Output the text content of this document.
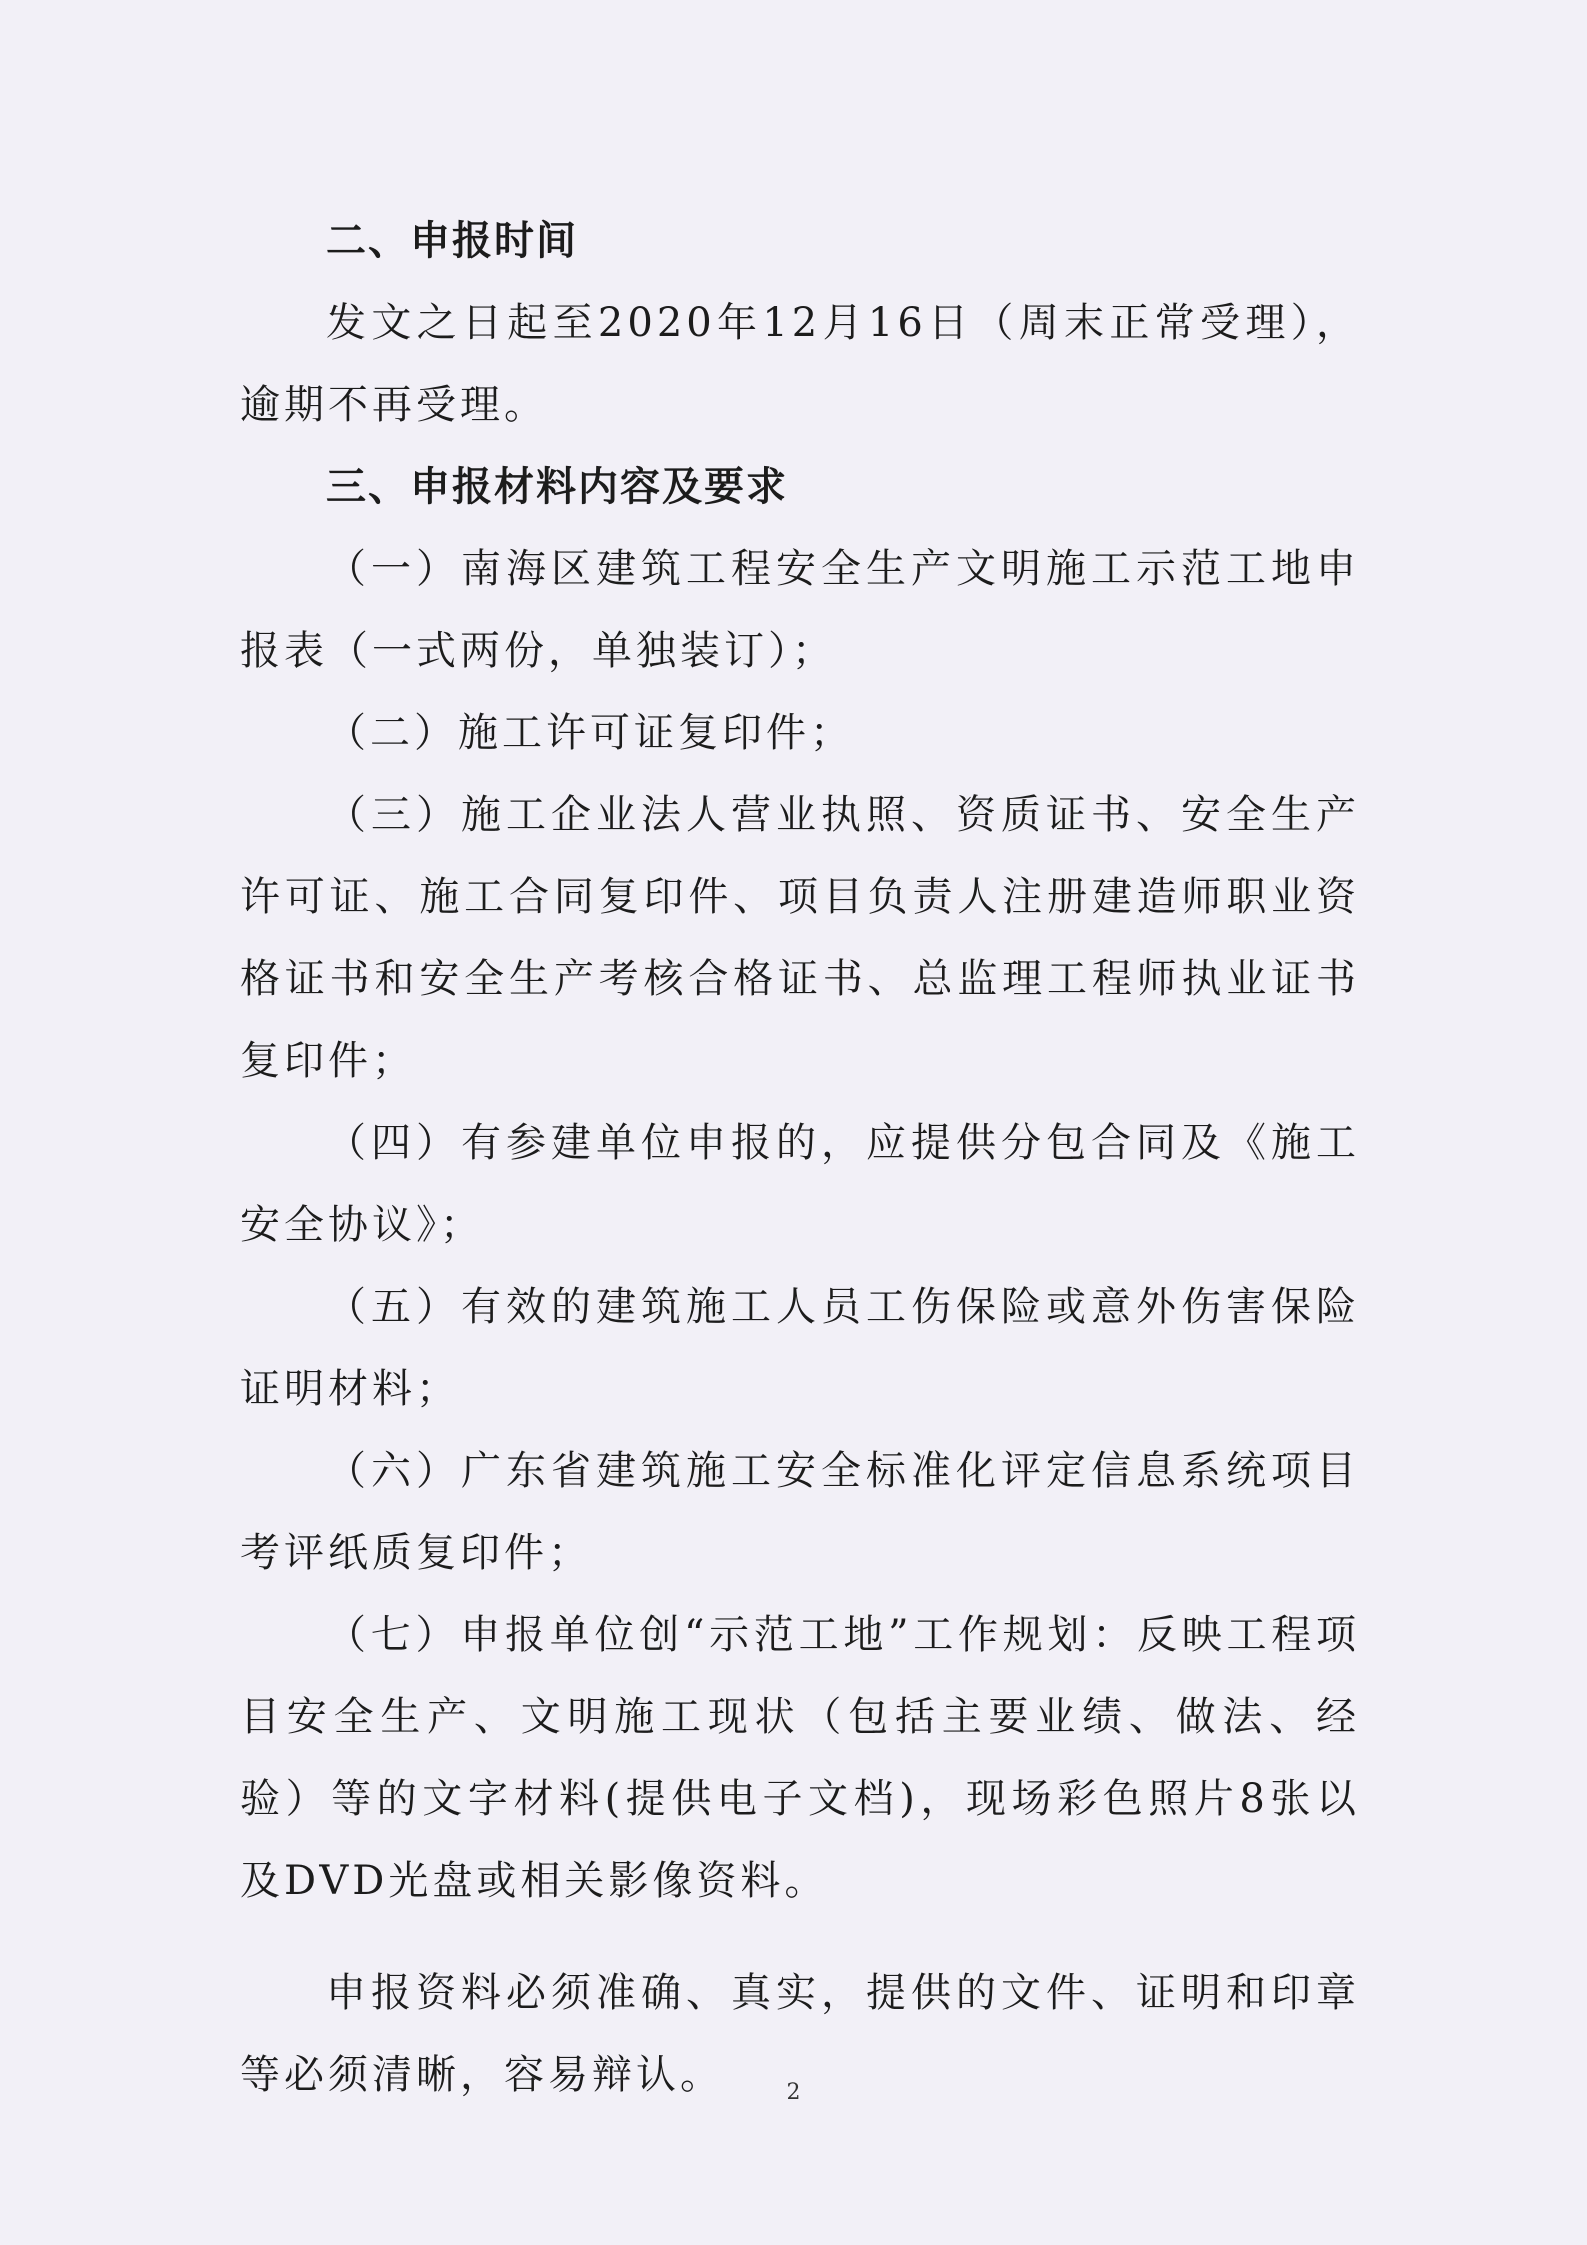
二、申报时间

发文之日起至2020年12月16日（周末正常受理），逾期不再受理。

三、申报材料内容及要求

（一）南海区建筑工程安全生产文明施工示范工地申报表（一式两份，单独装订）；

（二）施工许可证复印件；

（三）施工企业法人营业执照、资质证书、安全生产许可证、施工合同复印件、项目负责人注册建造师职业资格证书和安全生产考核合格证书、总监理工程师执业证书复印件；

（四）有参建单位申报的，应提供分包合同及《施工安全协议》；

（五）有效的建筑施工人员工伤保险或意外伤害保险证明材料；

（六）广东省建筑施工安全标准化评定信息系统项目考评纸质复印件；

（七）申报单位创“示范工地”工作规划：反映工程项目安全生产、文明施工现状（包括主要业绩、做法、经验）等的文字材料(提供电子文档)，现场彩色照片8张以及DVD光盘或相关影像资料。

申报资料必须准确、真实，提供的文件、证明和印章等必须清晰，容易辩认。	2
